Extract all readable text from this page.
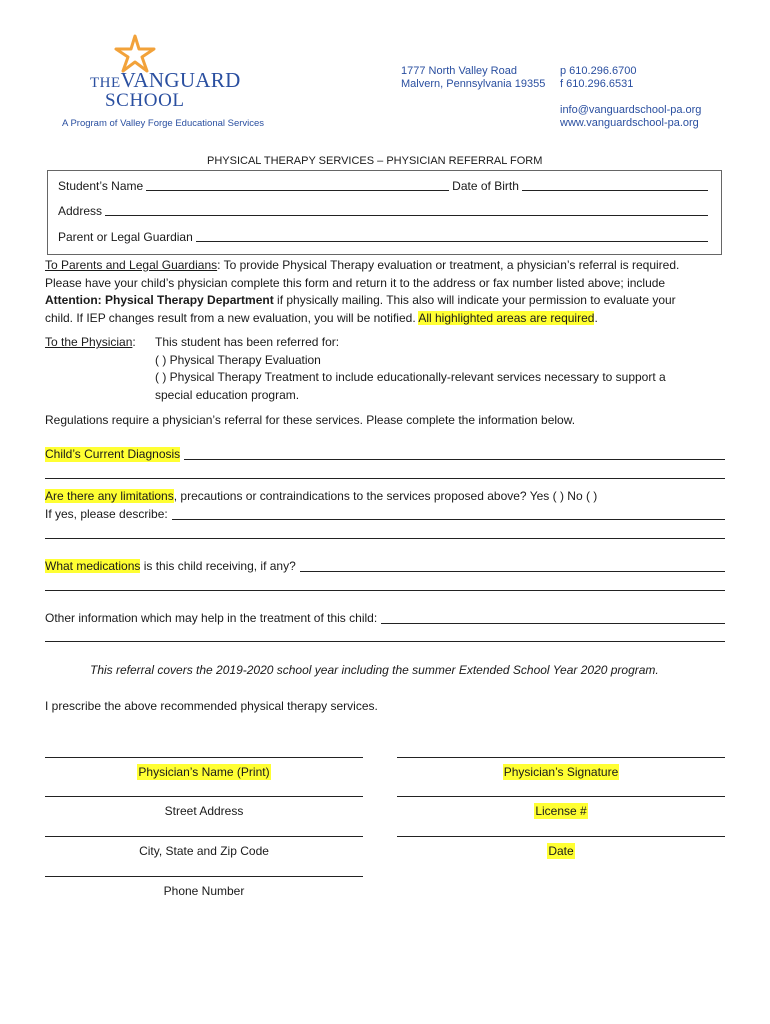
THEVANGUARD
SCHOOL
A Program of Valley Forge Educational Services
1777 North Valley Road
Malvern, Pennsylvania 19355
p 610.296.6700
f 610.296.6531
info@vanguardschool-pa.org
www.vanguardschool-pa.org
PHYSICAL THERAPY SERVICES – PHYSICIAN REFERRAL FORM
Student’s Name	Date of Birth
Address
Parent or Legal Guardian
To Parents and Legal Guardians: To provide Physical Therapy evaluation or treatment, a physician’s referral is required.
Please have your child’s physician complete this form and return it to the address or fax number listed above; include
Attention: Physical Therapy Department if physically mailing. This also will indicate your permission to evaluate your
child. If IEP changes result from a new evaluation, you will be notified. All highlighted areas are required.
To the Physician: This student has been referred for:
( ) Physical Therapy Evaluation
( ) Physical Therapy Treatment to include educationally-relevant services necessary to support a
special education program.
Regulations require a physician’s referral for these services. Please complete the information below.
Child’s Current Diagnosis
Are there any limitations, precautions or contraindications to the services proposed above? Yes ( ) No ( )
If yes, please describe:
What medications is this child receiving, if any?
Other information which may help in the treatment of this child:
This referral covers the 2019-2020 school year including the summer Extended School Year 2020 program.
I prescribe the above recommended physical therapy services.
Physician’s Name (Print)
Street Address
City, State and Zip Code
Phone Number
Physician’s Signature
License #
Date
